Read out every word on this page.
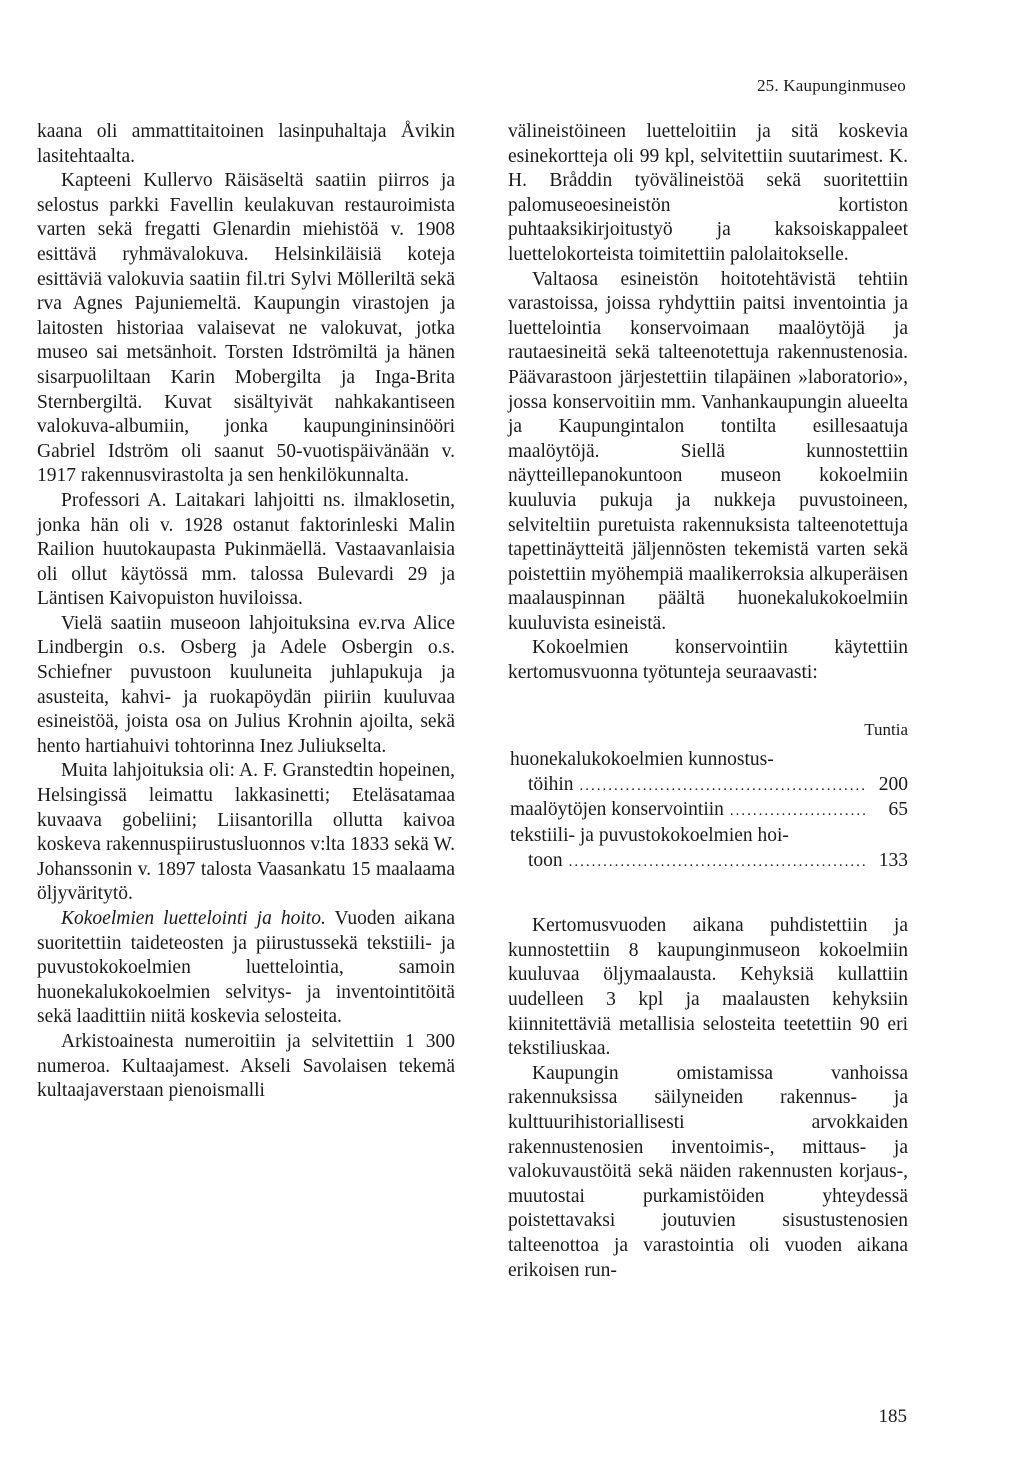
25. Kaupunginmuseo

kaana oli ammattitaitoinen lasinpuhaltaja Åvikin lasitehtaalta.

Kapteeni Kullervo Räisäseltä saatiin piirros ja selostus parkki Favellin keulakuvan restauroimista varten sekä fregatti Glenardin miehistöä v. 1908 esittävä ryhmävalokuva. Helsinkiläisiä koteja esittäviä valokuvia saatiin fil.tri Sylvi Mölleriltä sekä rva Agnes Pajuniemeltä. Kaupungin virastojen ja laitosten historiaa valaisevat ne valokuvat, jotka museo sai metsänhoit. Torsten Idströmiltä ja hänen sisarpuoliltaan Karin Mobergilta ja Inga-Brita Sternbergiltä. Kuvat sisältyivät nahkakantiseen valokuva-albumiin, jonka kaupungininsinööri Gabriel Idström oli saanut 50-vuotispäivänään v. 1917 rakennusvirastolta ja sen henkilökunnalta.

Professori A. Laitakari lahjoitti ns. ilmaklosetin, jonka hän oli v. 1928 ostanut faktorinleski Malin Railion huutokaupasta Pukinmäellä. Vastaavanlaisia oli ollut käytössä mm. talossa Bulevardi 29 ja Läntisen Kaivopuiston huviloissa.

Vielä saatiin museoon lahjoituksina ev.rva Alice Lindbergin o.s. Osberg ja Adele Osbergin o.s. Schiefner puvustoon kuuluneita juhlapukuja ja asusteita, kahvi- ja ruokapöydän piiriin kuuluvaa esineistöä, joista osa on Julius Krohnin ajoilta, sekä hento hartiahuivi tohtorinna Inez Juliukselta.

Muita lahjoituksia oli: A. F. Granstedtin hopeinen, Helsingissä leimattu lakkasinetti; Eteläsatamaa kuvaava gobeliini; Liisantorilla ollutta kaivoa koskeva rakennuspiirustusluonnos v:lta 1833 sekä W. Johanssonin v. 1897 talosta Vaasankatu 15 maalaama öljyväritytö.

Kokoelmien luettelointi ja hoito. Vuoden aikana suoritettiin taideteosten ja piirustussekä tekstiili- ja puvustokokoelmien luettelointia, samoin huonekalukokoelmien selvitys- ja inventointitöitä sekä laadittiin niitä koskevia selosteita.

Arkistoainesta numeroitiin ja selvitettiin 1 300 numeroa. Kultaajamest. Akseli Savolaisen tekemä kultaajaverstaan pienoismalli

välineistöineen luetteloitiin ja sitä koskevia esinekortteja oli 99 kpl, selvitettiin suutarimest. K. H. Bråddin työvälineistöä sekä suoritettiin palomuseoesineistön kortiston puhtaaksikirjoitustyö ja kaksoiskappaleet luettelokorteista toimitettiin palolaitokselle.

Valtaosa esineistön hoitotehtävistä tehtiin varastoissa, joissa ryhdyttiin paitsi inventointia ja luettelointia konservoimaan maalöytöjä ja rautaesineitä sekä talteenotettuja rakennustenosia. Päävarastoon järjestettiin tilapäinen »laboratorio», jossa konservoitiin mm. Vanhankaupungin alueelta ja Kaupungintalon tontilta esillesaatuja maalöytöjä. Siellä kunnostettiin näytteillepanokuntoon museon kokoelmiin kuuluvia pukuja ja nukkeja puvustoineen, selviteltiin puretuista rakennuksista talteenotettuja tapettinäytteitä jäljennösten tekemistä varten sekä poistettiin myöhempiä maalikerroksia alkuperäisen maalauspinnan päältä huonekalukokoelmiin kuuluvista esineistä.

Kokoelmien konservointiin käytettiin kertomusvuonna työtunteja seuraavasti:

Tuntia
huonekalukokoelmien kunnostus-
töihin .....	200
maalöytöjen konservointiin .....	65
tekstiili- ja puvustokokoelmien hoi-
toon .....	133

Kertomusvuoden aikana puhdistettiin ja kunnostettiin 8 kaupunginmuseon kokoelmiin kuuluvaa öljymaalausta. Kehyksiä kullattiin uudelleen 3 kpl ja maalausten kehyksiin kiinnitettäviä metallisia selosteita teetettiin 90 eri tekstiliuskaa.

Kaupungin omistamissa vanhoissa rakennuksissa säilyneiden rakennus- ja kulttuurihistoriallisesti arvokkaiden rakennustenosien inventoimis-, mittaus- ja valokuvaustöitä sekä näiden rakennusten korjaus-, muutostai purkamistöiden yhteydessä poistettavaksi joutuvien sisustustenosien talteenottoa ja varastointia oli vuoden aikana erikoisen run-

185
